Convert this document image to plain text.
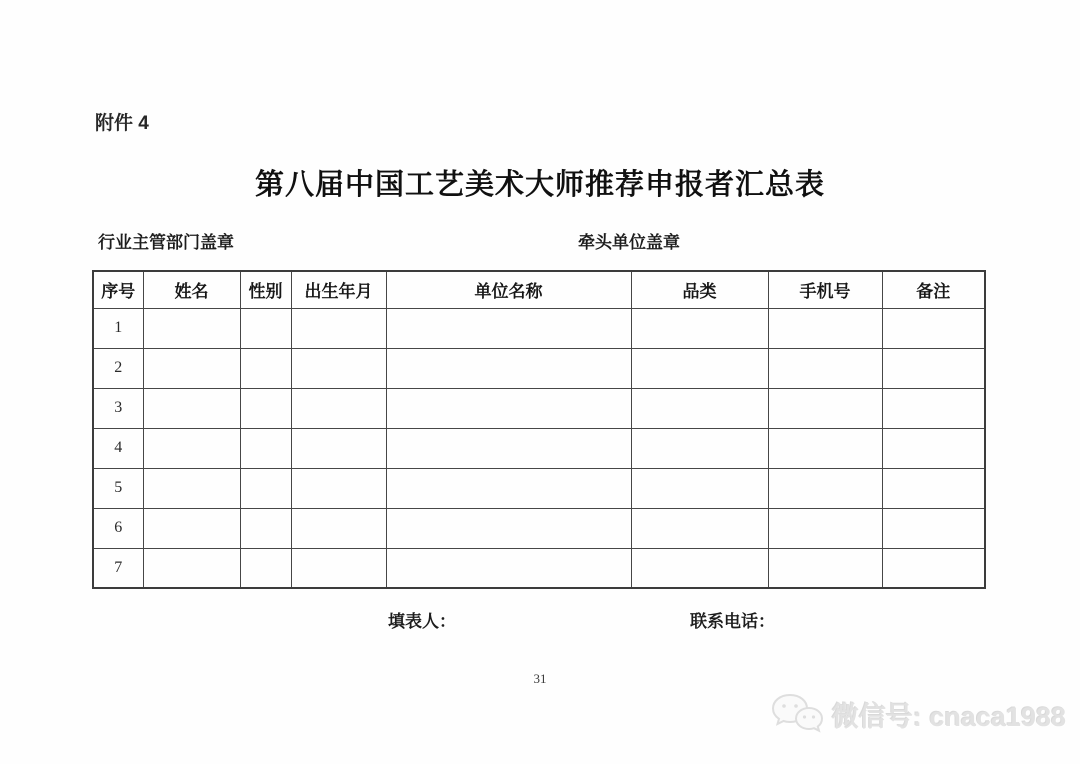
附件 4
第八届中国工艺美术大师推荐申报者汇总表
行业主管部门盖章	牵头单位盖章
序号	姓名	性别	出生年月	单位名称	品类	手机号	备注
1							
2							
3							
4							
5							
6							
7							
填表人：	联系电话：
31
微信号: cnaca1988
